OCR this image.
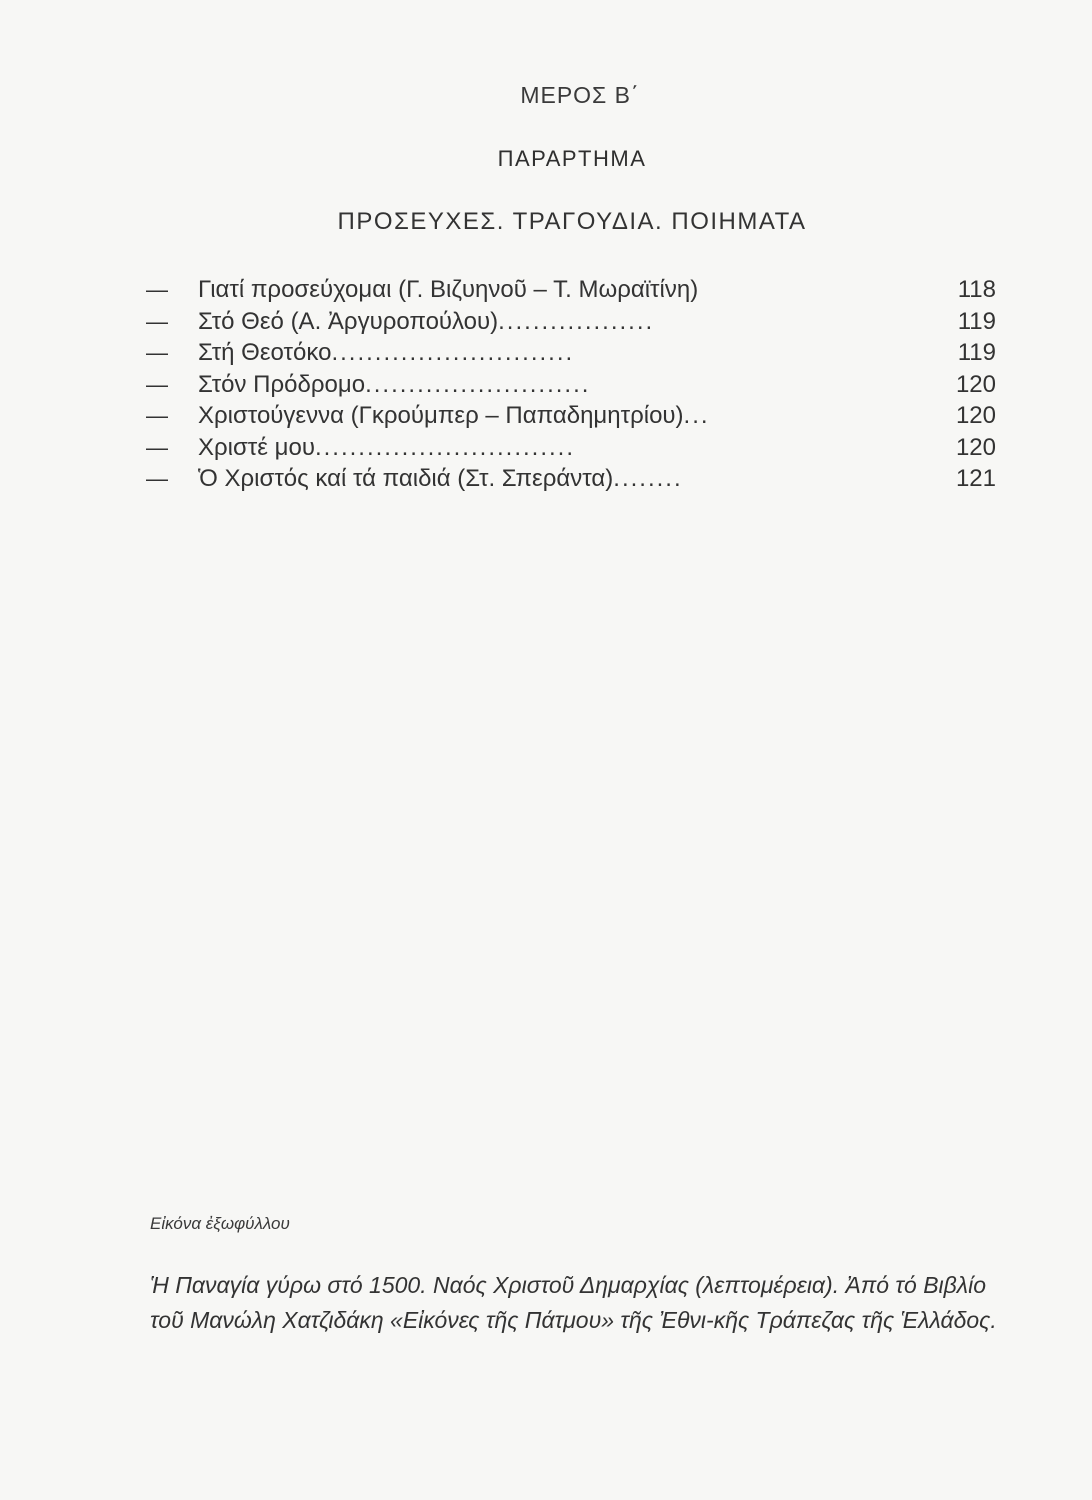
ΜΕΡΟΣ Β΄
ΠΑΡΑΡΤΗΜΑ
ΠΡΟΣΕΥΧΕΣ. ΤΡΑΓΟΥΔΙΑ. ΠΟΙΗΜΑΤΑ
—	Γιατί προσεύχομαι (Γ. Βιζυηνοῦ – Τ. Μωραϊτίνη)	118
—	Στό Θεό (Α. Ἀργυροπούλου) ..................	119
—	Στή Θεοτόκο ............................	119
—	Στόν Πρόδρομο ..........................	120
—	Χριστούγεννα (Γκρούμπερ – Παπαδημητρίου) ...	120
—	Χριστέ μου ..............................	120
—	Ὁ Χριστός καί τά παιδιά (Στ. Σπεράντα) ........	121
Εἰκόνα ἐξωφύλλου

Ἡ Παναγία γύρω στό 1500. Ναός Χριστοῦ Δημαρχίας (λεπτομέρεια). Ἀπό τό Βιβλίο τοῦ Μανώλη Χατζιδάκη «Εἰκόνες τῆς Πάτμου» τῆς Ἐθνι-κῆς Τράπεζας τῆς Ἑλλάδος.
